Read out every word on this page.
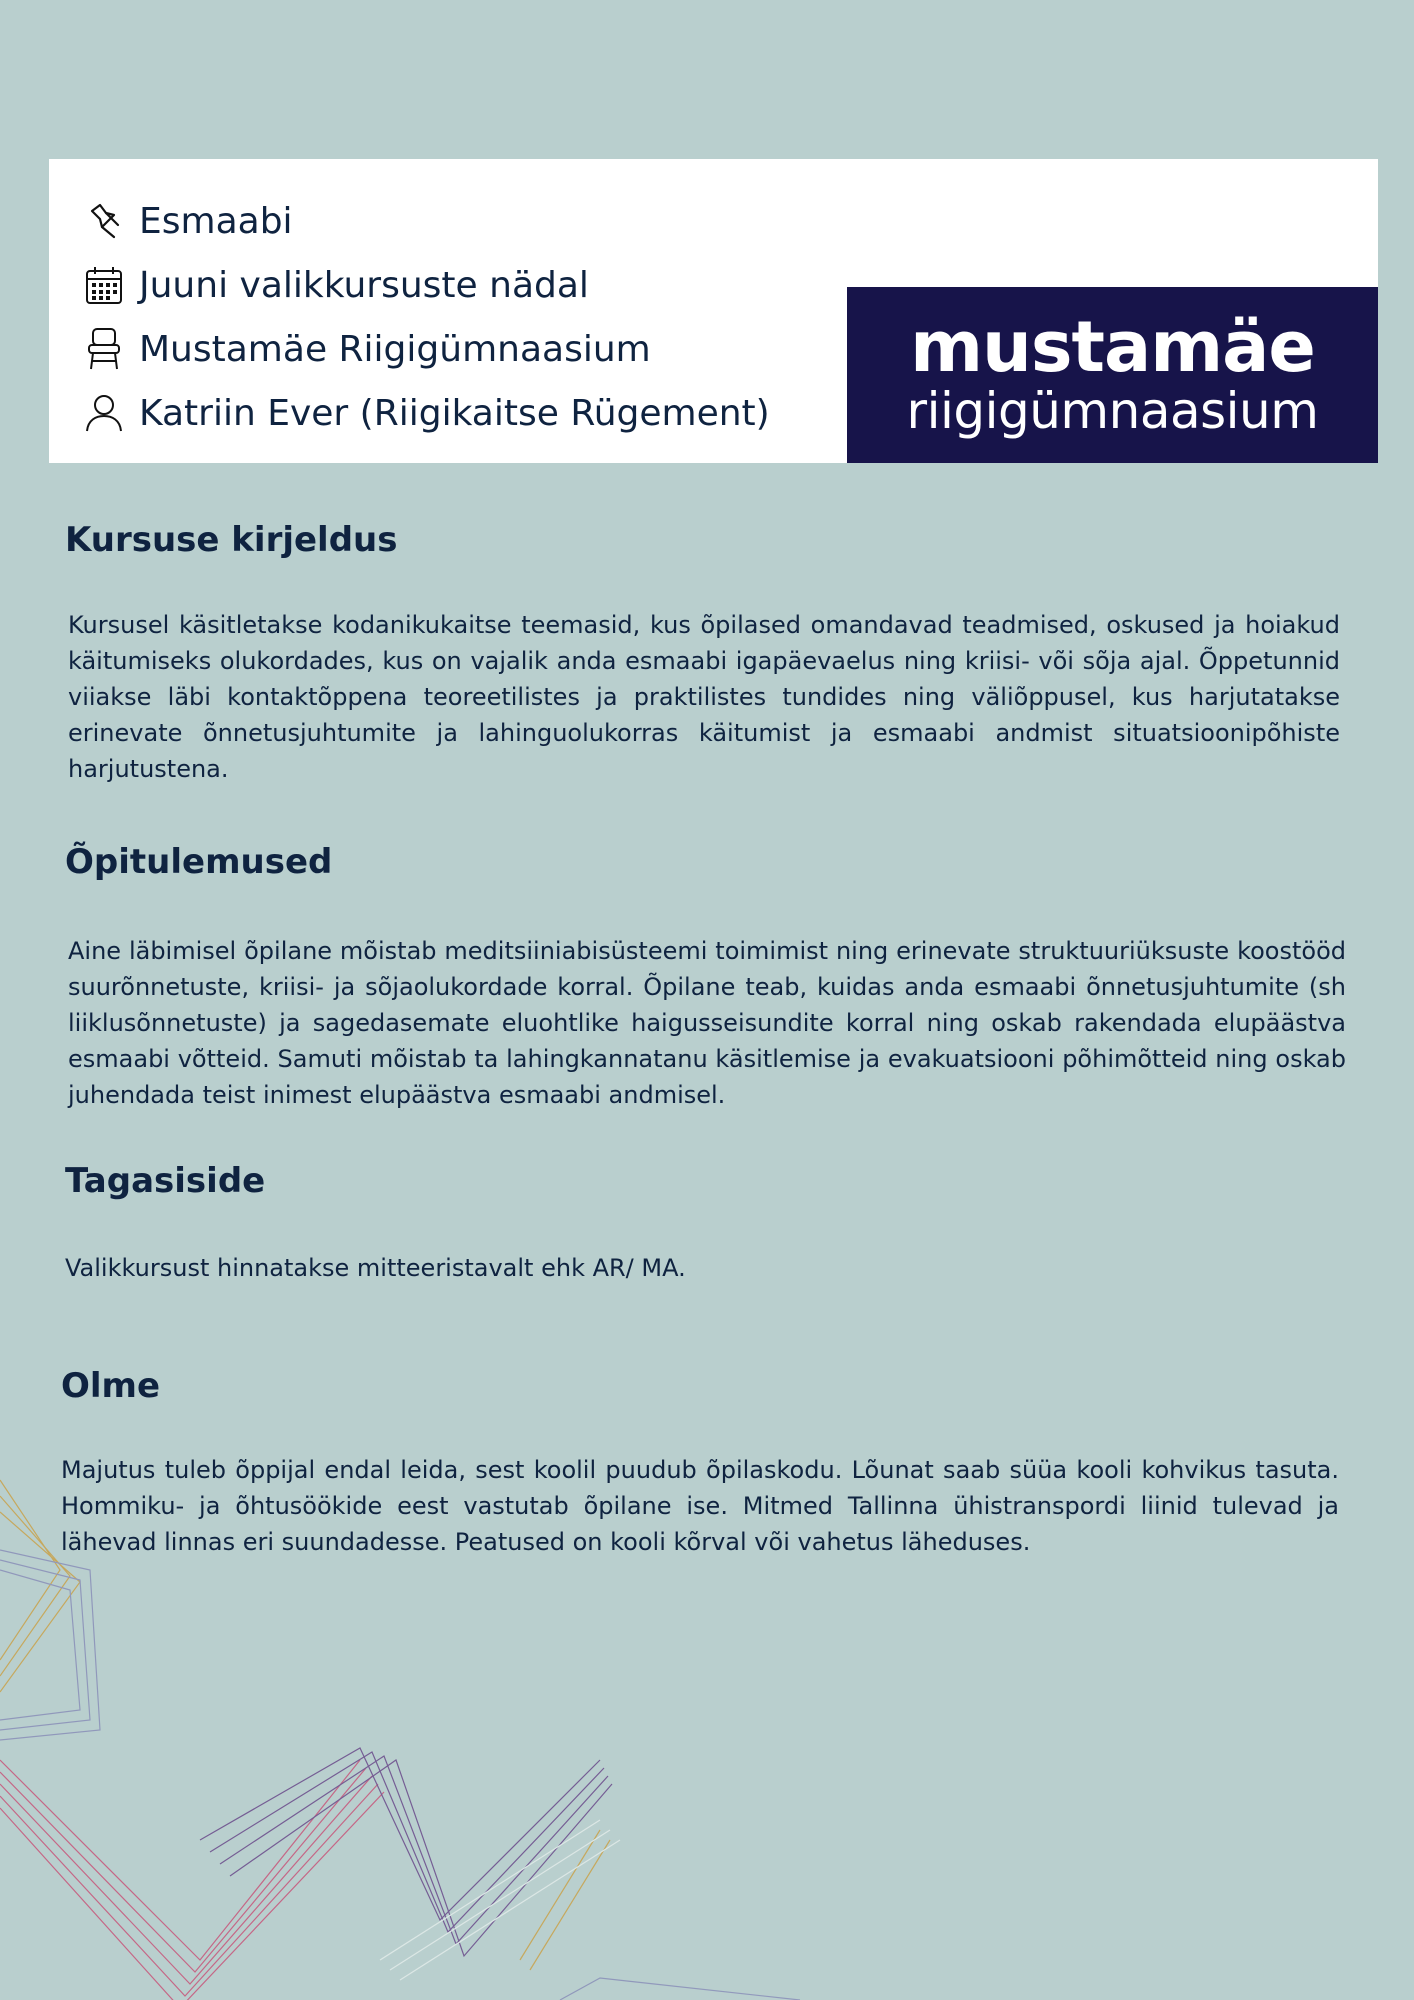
Esmaabi
Juuni valikkursuste nädal
Mustamäe Riigigümnaasium
Katriin Ever (Riigikaitse Rügement)
mustamäe
riigigümnaasium
Kursuse kirjeldus
Kursusel käsitletakse kodanikukaitse teemasid, kus õpilased omandavad teadmised, oskused ja hoiakud käitumiseks olukordades, kus on vajalik anda esmaabi igapäevaelus ning kriisi- või sõja ajal. Õppetunnid viiakse läbi kontaktõppena teoreetilistes ja praktilistes tundides ning väliõppusel, kus harjutatakse erinevate õnnetusjuhtumite ja lahinguolukorras käitumist ja esmaabi andmist situatsioonipõhiste harjutustena.
Õpitulemused
Aine läbimisel õpilane mõistab meditsiiniabisüsteemi toimimist ning erinevate struktuuriüksuste koostööd suurõnnetuste, kriisi- ja sõjaolukordade korral. Õpilane teab, kuidas anda esmaabi õnnetusjuhtumite (sh liiklusõnnetuste) ja sagedasemate eluohtlike haigusseisundite korral ning oskab rakendada elupäästva esmaabi võtteid. Samuti mõistab ta lahingkannatanu käsitlemise ja evakuatsiooni põhimõtteid ning oskab juhendada teist inimest elupäästva esmaabi andmisel.
Tagasiside
Valikkursust hinnatakse mitteeristavalt ehk AR/ MA.
Olme
Majutus tuleb õppijal endal leida, sest koolil puudub õpilaskodu. Lõunat saab süüa kooli kohvikus tasuta. Hommiku- ja õhtusöökide eest vastutab õpilane ise. Mitmed Tallinna ühistranspordi liinid tulevad ja lähevad linnas eri suundadesse. Peatused on kooli kõrval või vahetus läheduses.
